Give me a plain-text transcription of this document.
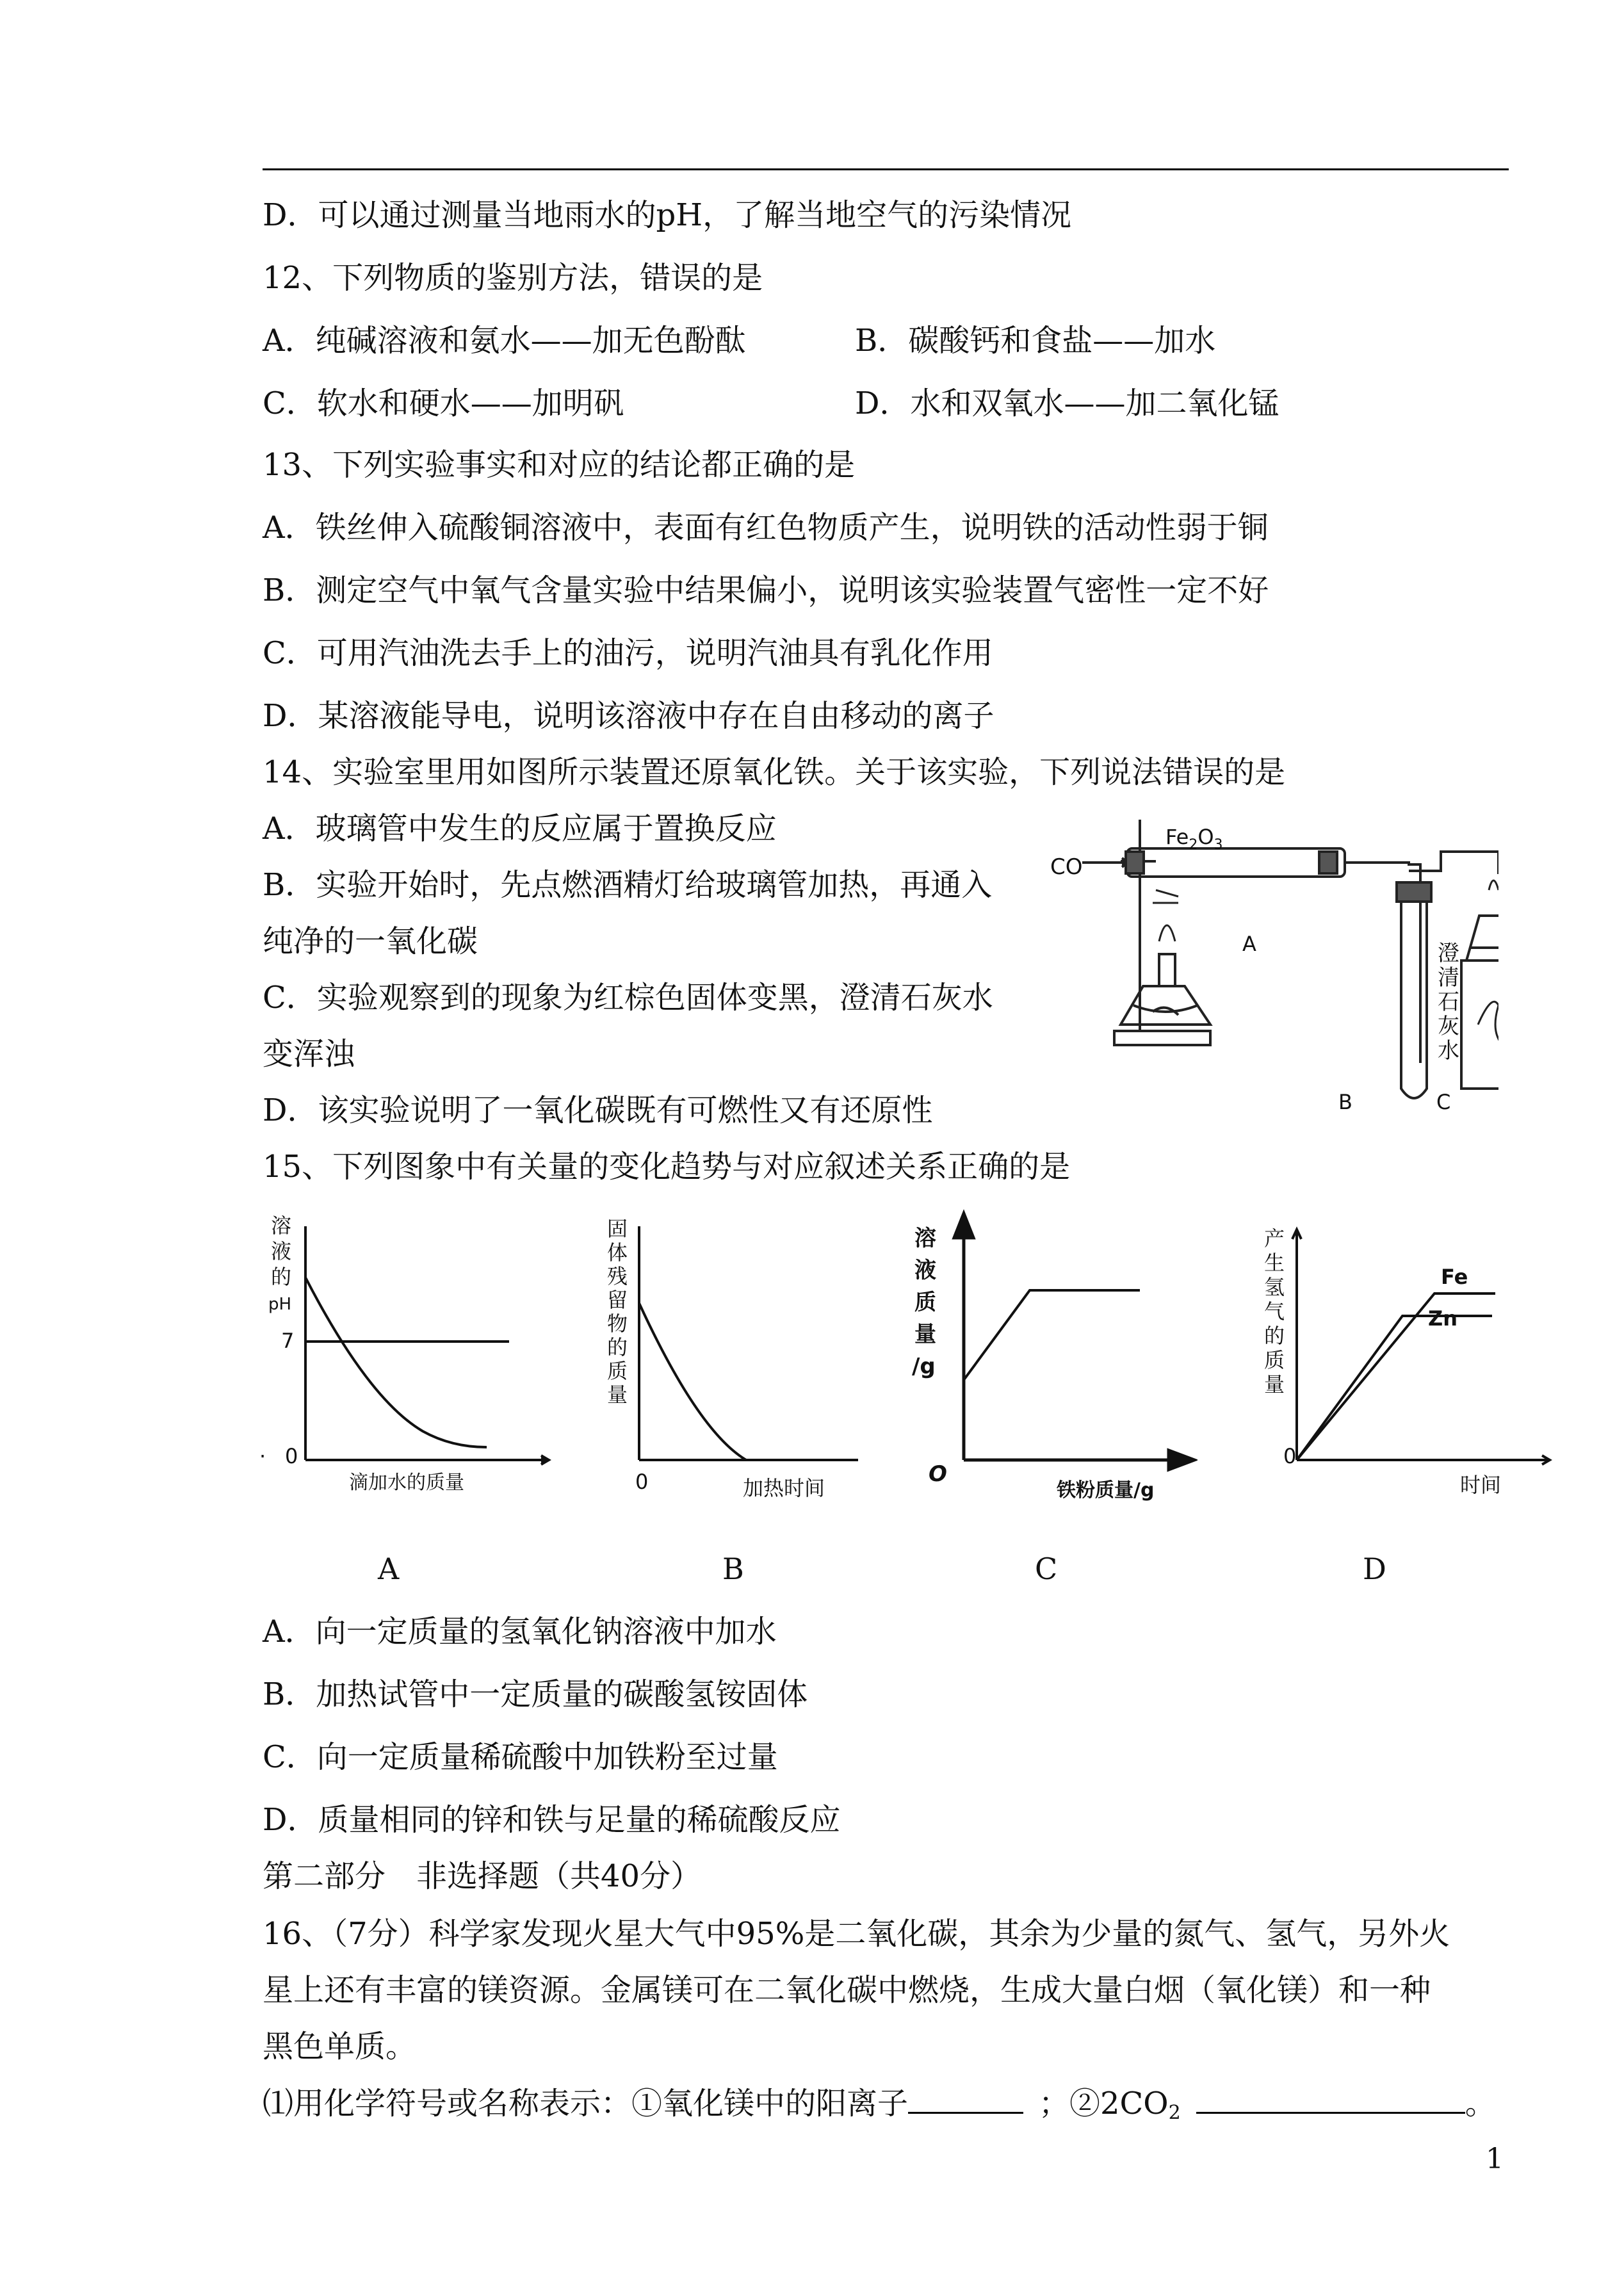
D．可以通过测量当地雨水的pH，了解当地空气的污染情况
12、下列物质的鉴别方法，错误的是
A．纯碱溶液和氨水——加无色酚酞	B．碳酸钙和食盐——加水
C．软水和硬水——加明矾	D．水和双氧水——加二氧化锰
13、下列实验事实和对应的结论都正确的是
A．铁丝伸入硫酸铜溶液中，表面有红色物质产生，说明铁的活动性弱于铜
B．测定空气中氧气含量实验中结果偏小，说明该实验装置气密性一定不好
C．可用汽油洗去手上的油污，说明汽油具有乳化作用
D．某溶液能导电，说明该溶液中存在自由移动的离子
14、实验室里用如图所示装置还原氧化铁。关于该实验，下列说法错误的是
A．玻璃管中发生的反应属于置换反应
B．实验开始时，先点燃酒精灯给玻璃管加热，再通入
纯净的一氧化碳
C．实验观察到的现象为红棕色固体变黑，澄清石灰水
变浑浊
D．该实验说明了一氧化碳既有可燃性又有还原性
15、下列图象中有关量的变化趋势与对应叙述关系正确的是
CO
$Fe_2O_3$
A	澄
清
石
灰
水
B	C
溶
液
的
pH
7
0
·
滴加水的质量
固
体
残
留
物
的
质
量
0	加热时间
溶
液
质
量
/g
O
铁粉质量/g
产
生
氢
气
的
质
量
0
时间
Fe
Zn
A	B	C	D
A．向一定质量的氢氧化钠溶液中加水
B．加热试管中一定质量的碳酸氢铵固体
C．向一定质量稀硫酸中加铁粉至过量
D．质量相同的锌和铁与足量的稀硫酸反应
第二部分　非选择题（共40分）
16、（7分）科学家发现火星大气中95%是二氧化碳，其余为少量的氮气、氢气，另外火
星上还有丰富的镁资源。金属镁可在二氧化碳中燃烧，生成大量白烟（氧化镁）和一种
黑色单质。
⑴用化学符号或名称表示：①氧化镁中的阳离子	；$②2CO_2$	。
1
